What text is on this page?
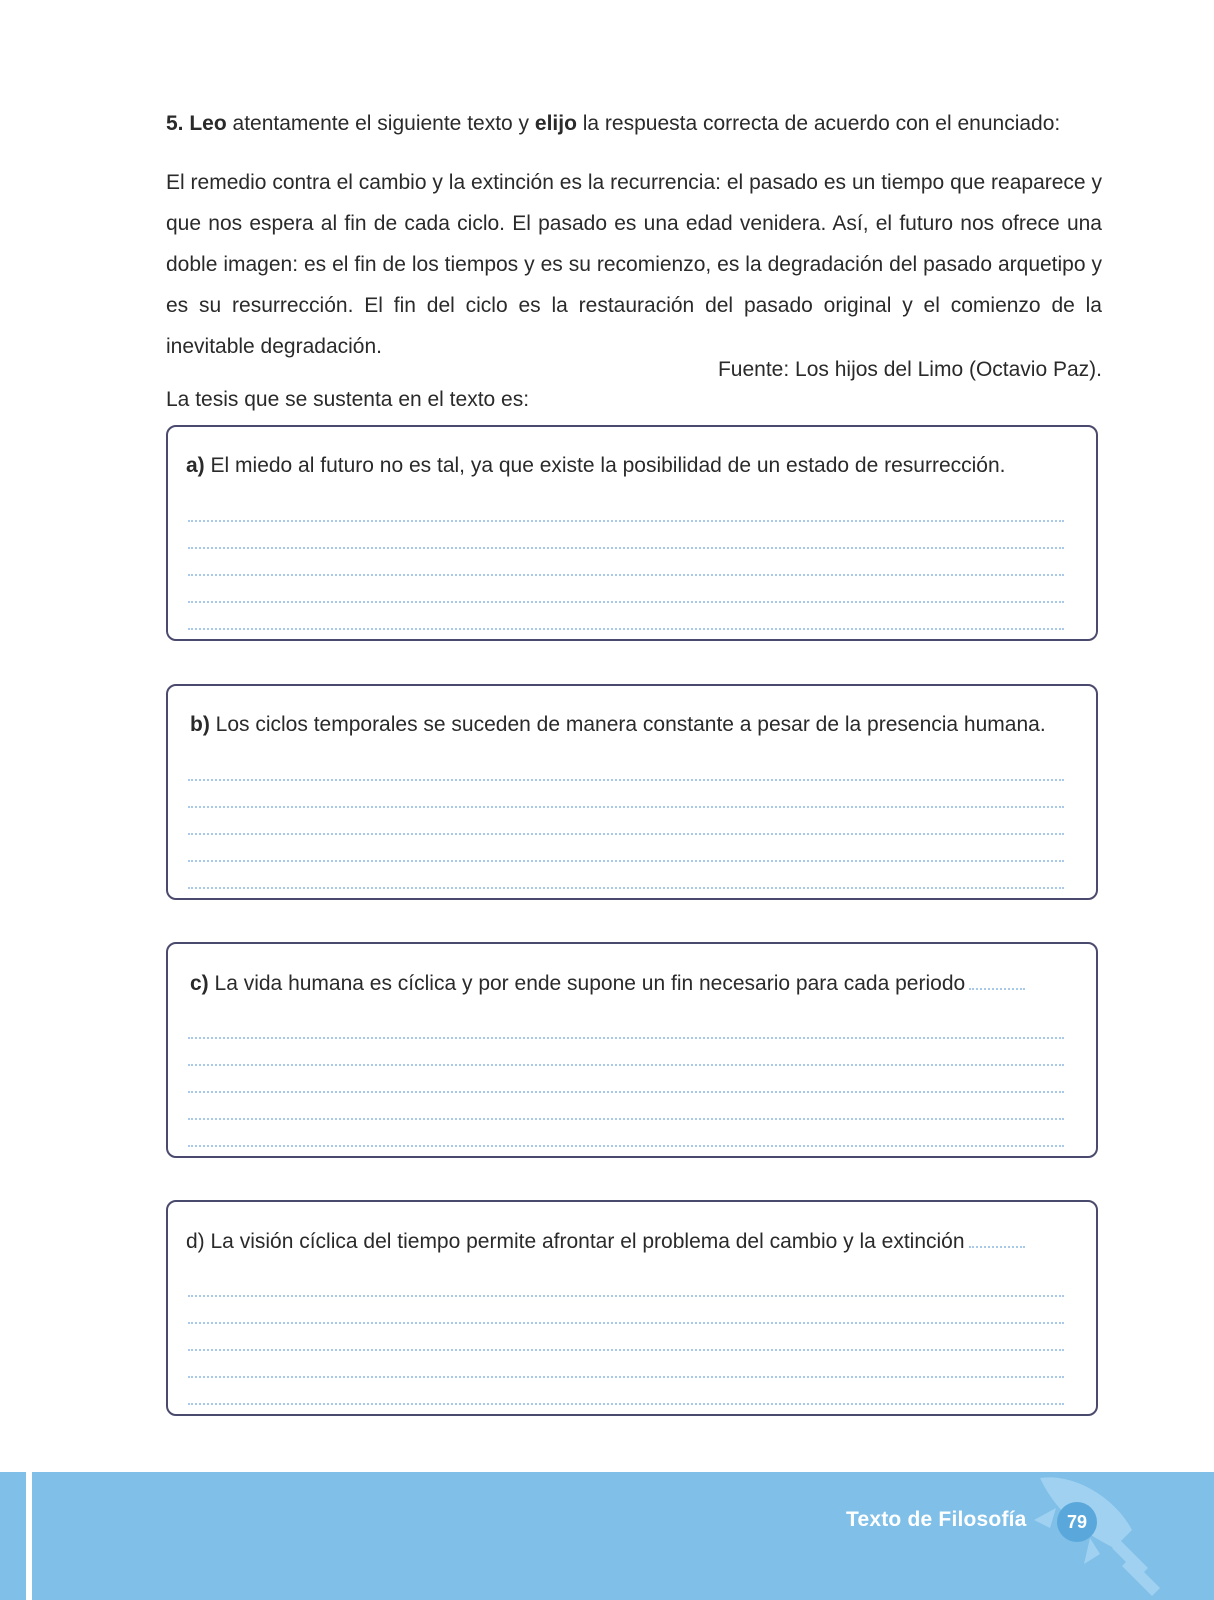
5. Leo atentamente el siguiente texto y elijo la respuesta correcta de acuerdo con el enunciado:

El remedio contra el cambio y la extinción es la recurrencia: el pasado es un tiempo que reaparece y que nos espera al fin de cada ciclo. El pasado es una edad venidera. Así, el futuro nos ofrece una doble imagen: es el fin de los tiempos y es su recomienzo, es la degradación del pasado arquetipo y es su resurrección. El fin del ciclo es la restauración del pasado original y el comienzo de la inevitable degradación.

Fuente: Los hijos del Limo (Octavio Paz).

La tesis que se sustenta en el texto es:

a) El miedo al futuro no es tal, ya que existe la posibilidad de un estado de resurrección.
b) Los ciclos temporales se suceden de manera constante a pesar de la presencia humana.
c) La vida humana es cíclica y por ende supone un fin necesario para cada periodo
d) La visión cíclica del tiempo permite afrontar el problema del cambio y la extinción
Texto de Filosofía	79
